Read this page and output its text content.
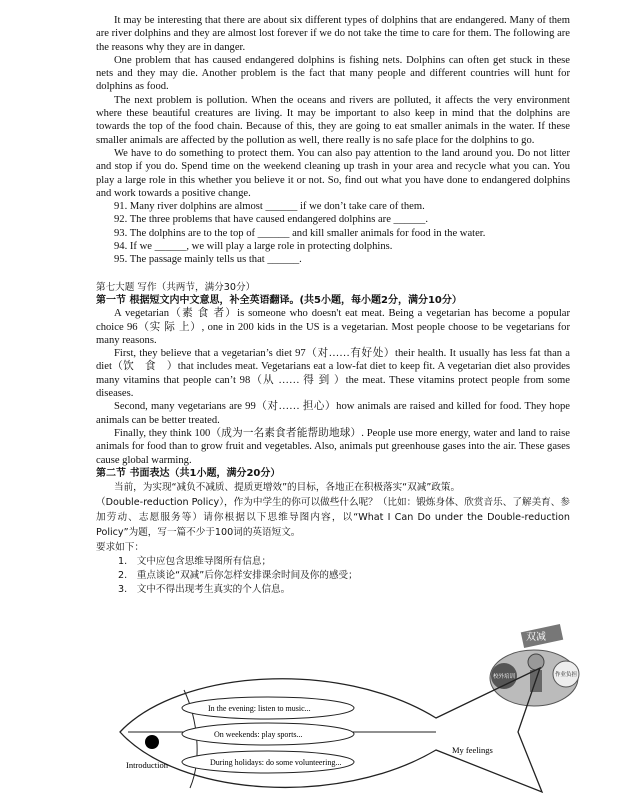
It may be interesting that there are about six different types of dolphins that are endangered. Many of them are river dolphins and they are almost lost forever if we do not take the time to care for them. The following are the reasons why they are in danger.

One problem that has caused endangered dolphins is fishing nets. Dolphins can often get stuck in these nets and they may die. Another problem is the fact that many people and different countries will hunt for dolphins as food.

The next problem is pollution. When the oceans and rivers are polluted, it affects the very environment where these beautiful creatures are living. It may be important to also keep in mind that the dolphins are towards the top of the food chain. Because of this, they are going to eat smaller animals in the water. If these smaller animals are affected by the pollution as well, there really is no safe place for the dolphins to go.

We have to do something to protect them. You can also pay attention to the land around you. Do not litter and stop if you do. Spend time on the weekend cleaning up trash in your area and recycle what you can. You play a large role in this whether you believe it or not. So, find out what you have done to endangered dolphins and work towards a positive change.

91. Many river dolphins are almost ______ if we don’t take care of them.

92. The three problems that have caused endangered dolphins are ______.

93. The dolphins are to the top of ______ and kill smaller animals for food in the water.

94. If we ______, we will play a large role in protecting dolphins.

95. The passage mainly tells us that ______.

第七大题 写作（共两节，满分30分）

第一节 根据短文内中文意思，补全英语翻译。(共5小题，每小题2分，满分10分）

A vegetarian（素 食 者）is someone who doesn't eat meat. Being a vegetarian has become a popular choice 96（实 际 上）, one in 200 kids in the US is a vegetarian. Most people choose to be vegetarians for many reasons.

First, they believe that a vegetarian’s diet 97（对……有好处）their health. It usually has less fat than a diet（饮　食　）that includes meat. Vegetarians eat a low-fat diet to keep fit. A vegetarian diet also provides many vitamins that people can’t 98（从 …… 得 到 ）the meat. These vitamins protect people from some diseases.

Second, many vegetarians are 99（对…… 担心）how animals are raised and killed for food. They hope animals can be better treated.

Finally, they think 100（成为一名素食者能帮助地球）. People use more energy, water and land to raise animals for food than to grow fruit and vegetables. Also, animals put greenhouse gases into the air. These gases cause global warming.

第二节 书面表达（共1小题，满分20分）

当前，为实现“减负不减质、提质更增效”的目标，各地正在积极落实“双减”政策。

（Double-reduction Policy），作为中学生的你可以做些什么呢？（比如：锻炼身体、欣赏音乐、了解美育、参加劳动、志愿服务等）请你根据以下思维导图内容，以“What I Can Do under the Double-reduction Policy”为题，写一篇不少于100词的英语短文。

要求如下：

1.　文中应包含思维导图所有信息；
2.　重点谈论“双减”后你怎样安排课余时间及你的感受；
3.　文中不得出现考生真实的个人信息。
双减
校外培训	作业负担
Introduction
In the evening: listen to music...
On weekends: play sports...
During holidays: do some volunteering...
My feelings
